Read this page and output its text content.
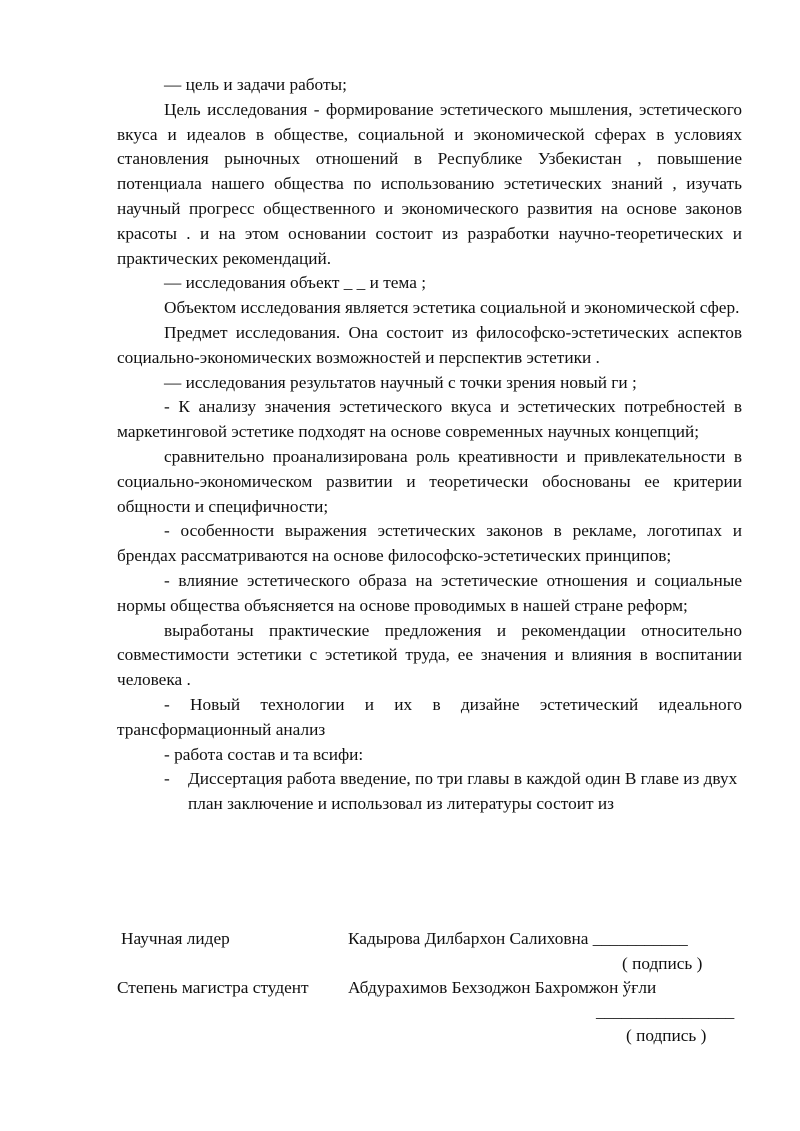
— цель и задачи работы;

Цель исследования - формирование эстетического мышления, эстетического вкуса и идеалов в обществе, социальной и экономической сферах в условиях становления рыночных отношений в Республике Узбекистан , повышение потенциала нашего общества по использованию эстетических знаний , изучать научный прогресс общественного и экономического развития на основе законов красоты . и на этом основании состоит из разработки научно-теоретических и практических рекомендаций.

— исследования объект _ _ и тема ;

Объектом исследования является эстетика социальной и экономической сфер.

Предмет исследования. Она состоит из философско-эстетических аспектов социально-экономических возможностей и перспектив эстетики .

— исследования результатов научный с точки зрения новый ги ;

- К анализу значения эстетического вкуса и эстетических потребностей в маркетинговой эстетике подходят на основе современных научных концепций;

сравнительно проанализирована роль креативности и привлекательности в социально-экономическом развитии и теоретически обоснованы ее критерии общности и специфичности;

- особенности выражения эстетических законов в рекламе, логотипах и брендах рассматриваются на основе философско-эстетических принципов;

- влияние эстетического образа на эстетические отношения и социальные нормы общества объясняется на основе проводимых в нашей стране реформ;

выработаны практические предложения и рекомендации относительно совместимости эстетики с эстетикой труда, ее значения и влияния в воспитании человека .

- Новый технологии и их в дизайне эстетический идеального трансформационный анализ

- работа состав и та всифи:

- Диссертация работа введение, по три главы в каждой один В главе из двух план заключение и использовал из литературы состоит из
Научная лидер	Кадырова Дилбархон Салиховна ___________
( подпись )
Степень магистра студент Абдурахимов Бехзоджон Бахромжон ўғли
________________
( подпись )
